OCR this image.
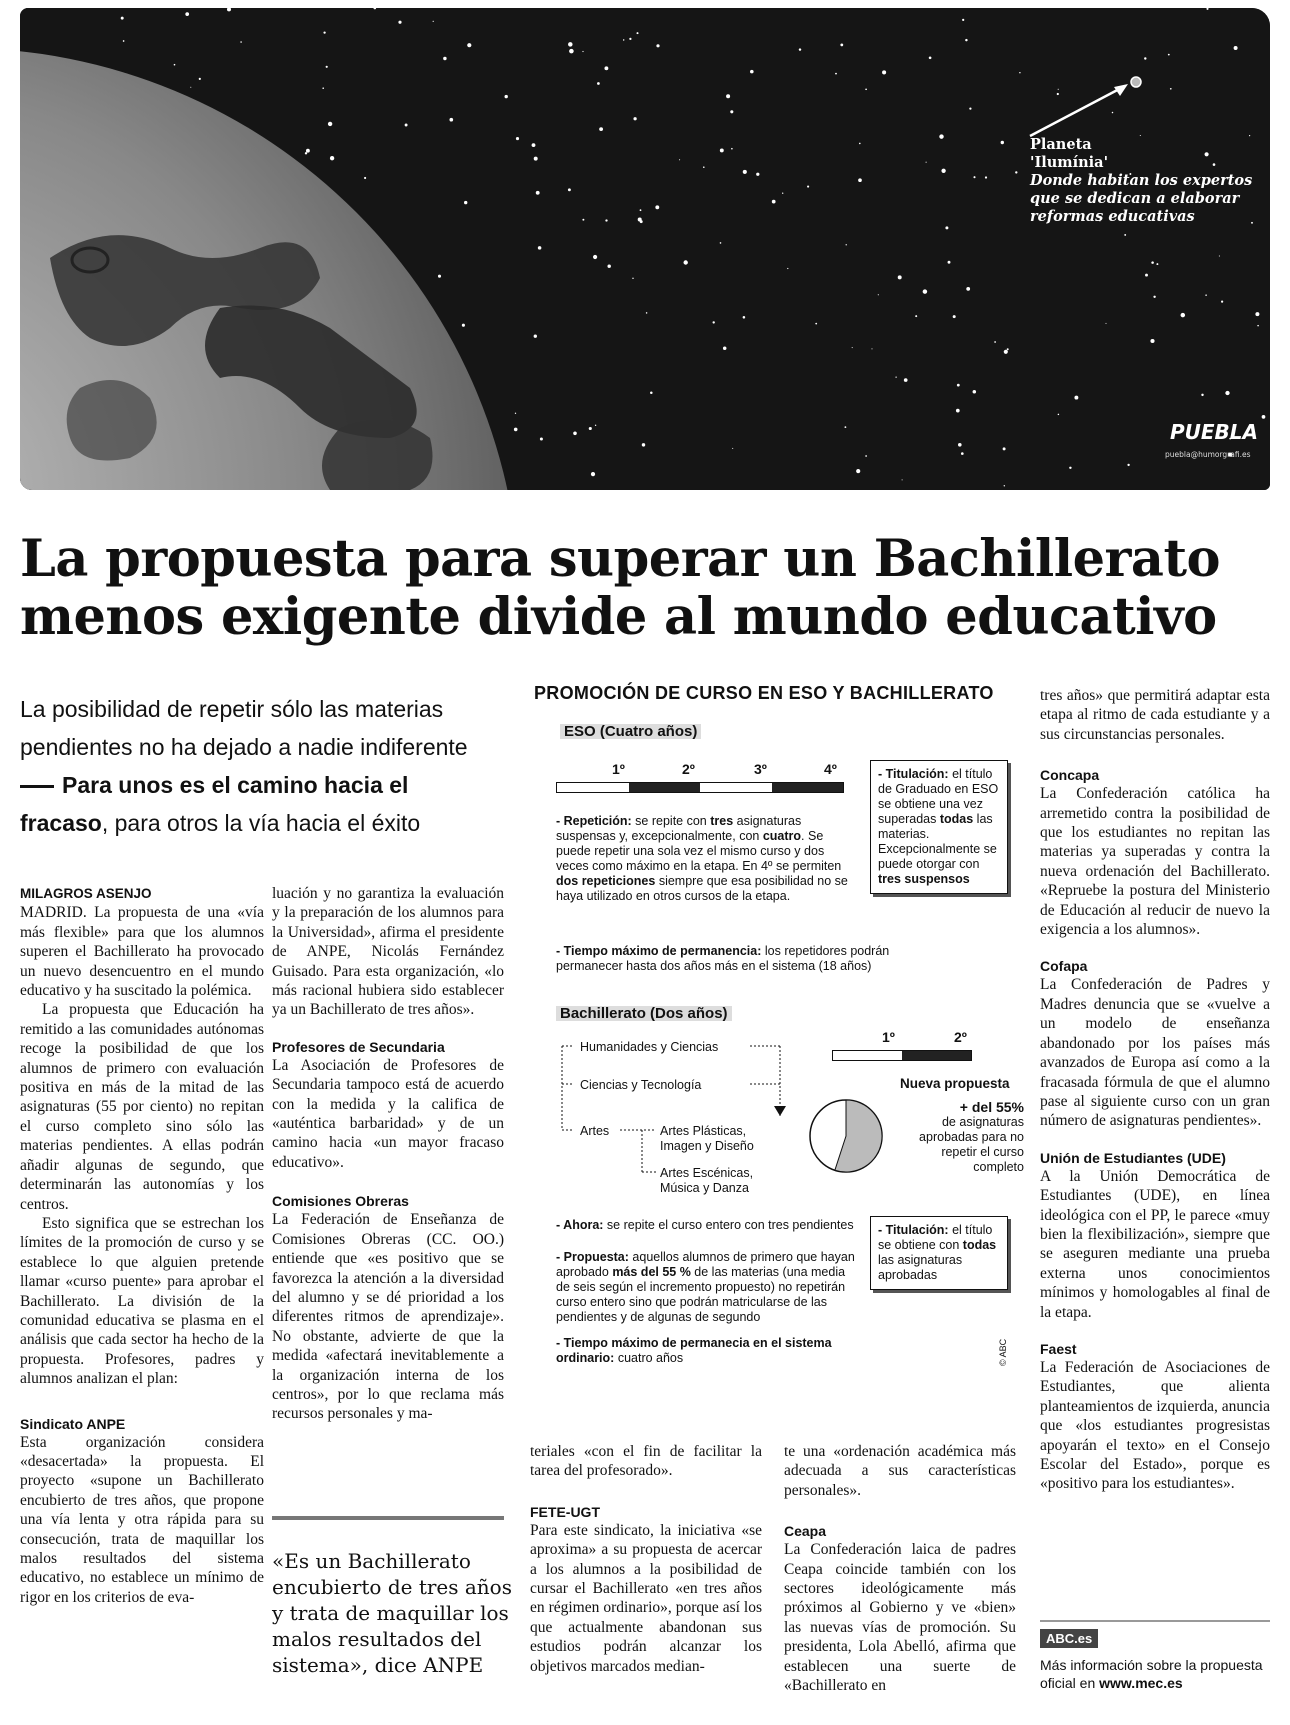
Planeta
'Ilumínia'
Donde habitan los expertos
que se dedican a elaborar
reformas educativas
PUEBLA
puebla@humorgrafi.es
La propuesta para superar un Bachillerato
menos exigente divide al mundo educativo
La posibilidad de repetir sólo las materias
pendientes no ha dejado a nadie indiferente
Para unos es el camino hacia el fracaso, para otros la vía hacia el éxito
MILAGROS ASENJO

MADRID. La propuesta de una «vía más flexible» para que los alumnos superen el Bachillerato ha provocado un nuevo desencuentro en el mundo educativo y ha suscitado la polémica.

La propuesta que Educación ha remitido a las comunidades autónomas recoge la posibilidad de que los alumnos de primero con evaluación positiva en más de la mitad de las asignaturas (55 por ciento) no repitan el curso completo sino sólo las materias pendientes. A ellas podrán añadir algunas de segundo, que determinarán las autonomías y los centros.

Esto significa que se estrechan los límites de la promoción de curso y se establece lo que alguien pretende llamar «curso puente» para aprobar el Bachillerato. La división de la comunidad educativa se plasma en el análisis que cada sector ha hecho de la propuesta. Profesores, padres y alumnos analizan el plan:

Sindicato ANPE

Esta organización considera «desacertada» la propuesta. El proyecto «supone un Bachillerato encubierto de tres años, que propone una vía lenta y otra rápida para su consecución, trata de maquillar los malos resultados del sistema educativo, no establece un mínimo de rigor en los criterios de eva-

luación y no garantiza la evaluación y la preparación de los alumnos para la Universidad», afirma el presidente de ANPE, Nicolás Fernández Guisado. Para esta organización, «lo más racional hubiera sido establecer ya un Bachillerato de tres años».

Profesores de Secundaria

La Asociación de Profesores de Secundaria tampoco está de acuerdo con la medida y la califica de «auténtica barbaridad» y de un camino hacia «un mayor fracaso educativo».

Comisiones Obreras

La Federación de Enseñanza de Comisiones Obreras (CC. OO.) entiende que «es positivo que se favorezca la atención a la diversidad del alumno y se dé prioridad a los diferentes ritmos de aprendizaje». No obstante, advierte de que la medida «afectará inevitablemente a la organización interna de los centros», por lo que reclama más recursos personales y ma-

«Es un Bachillerato encubierto de tres años y trata de maquillar los malos resultados del sistema», dice ANPE

teriales «con el fin de facilitar la tarea del profesorado».

FETE-UGT

Para este sindicato, la iniciativa «se aproxima» a su propuesta de acercar a los alumnos a la posibilidad de cursar el Bachillerato «en tres años en régimen ordinario», porque así los que actualmente abandonan sus estudios podrán alcanzar los objetivos marcados median-

te una «ordenación académica más adecuada a sus características personales».

Ceapa

La Confederación laica de padres Ceapa coincide también con los sectores ideológicamente más próximos al Gobierno y ve «bien» las nuevas vías de promoción. Su presidenta, Lola Abelló, afirma que establecen una suerte de «Bachillerato en

tres años» que permitirá adaptar esta etapa al ritmo de cada estudiante y a sus circunstancias personales.

Concapa

La Confederación católica ha arremetido contra la posibilidad de que los estudiantes no repitan las materias ya superadas y contra la nueva ordenación del Bachillerato. «Repruebe la postura del Ministerio de Educación al reducir de nuevo la exigencia a los alumnos».

Cofapa

La Confederación de Padres y Madres denuncia que se «vuelve a un modelo de enseñanza abandonado por los países más avanzados de Europa así como a la fracasada fórmula de que el alumno pase al siguiente curso con un gran número de asignaturas pendientes».

Unión de Estudiantes (UDE)

A la Unión Democrática de Estudiantes (UDE), en línea ideológica con el PP, le parece «muy bien la flexibilización», siempre que se aseguren mediante una prueba externa unos conocimientos mínimos y homologables al final de la etapa.

Faest

La Federación de Asociaciones de Estudiantes, que alienta planteamientos de izquierda, anuncia que «los estudiantes progresistas apoyarán el texto» en el Consejo Escolar del Estado», porque es «positivo para los estudiantes».

ABC.es
Más información sobre la propuesta oficial en www.mec.es
PROMOCIÓN DE CURSO EN ESO Y BACHILLERATO
ESO (Cuatro años)
1º	2º	3º	4º	- Titulación: el título de Graduado en ESO se obtiene una vez superadas todas las materias. Excepcionalmente se puede otorgar con tres suspensos
- Repetición: se repite con tres asignaturas suspensas y, excepcionalmente, con cuatro. Se puede repetir una sola vez el mismo curso y dos veces como máximo en la etapa. En 4º se permiten dos repeticiones siempre que esa posibilidad no se haya utilizado en otros cursos de la etapa.
- Tiempo máximo de permanencia: los repetidores podrán permanecer hasta dos años más en el sistema (18 años)
Bachillerato (Dos años)
1º	2º
Humanidades y Ciencias
Ciencias y Tecnología
Artes	Artes Plásticas, Imagen y Diseño
Artes Escénicas, Música y Danza
Nueva propuesta
+ del 55%
de asignaturas aprobadas para no repetir el curso completo
- Titulación: el título se obtiene con todas las asignaturas aprobadas
- Ahora: se repite el curso entero con tres pendientes
- Propuesta: aquellos alumnos de primero que hayan aprobado más del 55 % de las materias (una media de seis según el incremento propuesto) no repetirán curso entero sino que podrán matricularse de las pendientes y de algunas de segundo
- Tiempo máximo de permanecia en el sistema ordinario: cuatro años	© ABC
